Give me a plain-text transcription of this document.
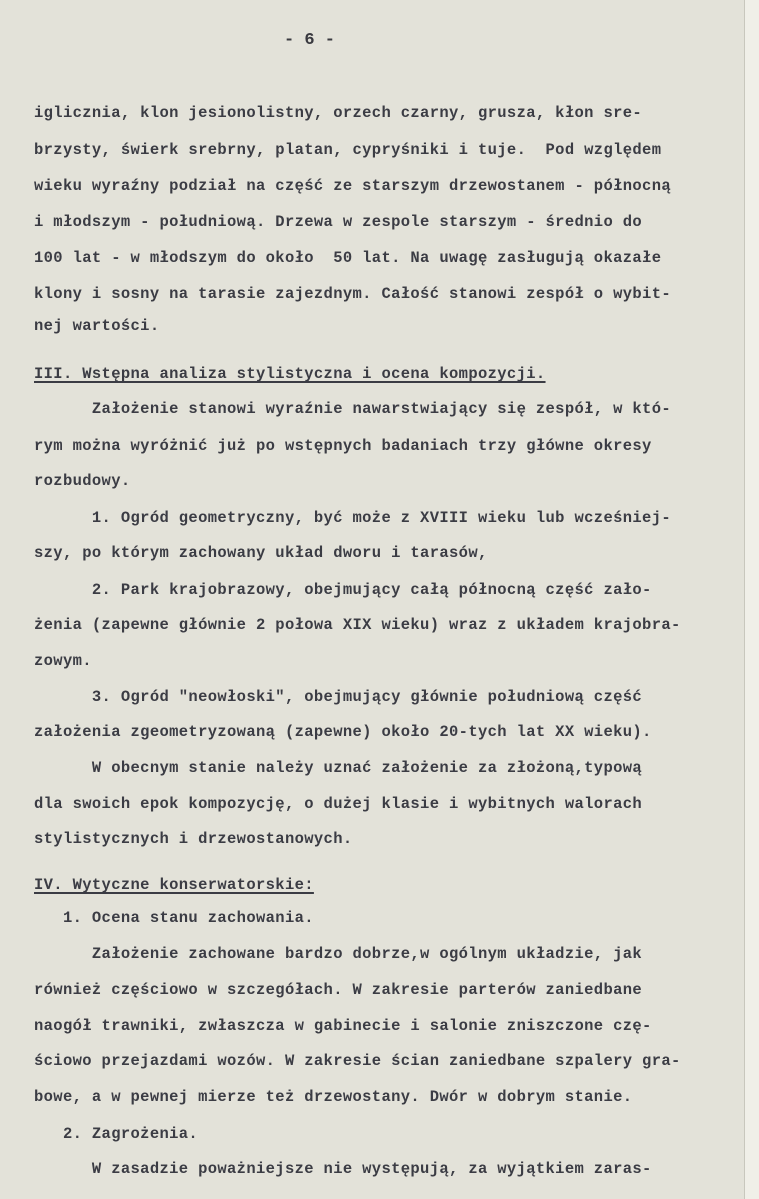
- 6 -
iglicznia, klon jesionolistny, orzech czarny, grusza, kłon sre-
brzysty, świerk srebrny, platan, cypryśniki i tuje.  Pod względem
wieku wyraźny podział na część ze starszym drzewostanem - północną
i młodszym - południową. Drzewa w zespole starszym - średnio do
100 lat - w młodszym do około  50 lat. Na uwagę zasługują okazałe
klony i sosny na tarasie zajezdnym. Całość stanowi zespół o wybit-
nej wartości.
III. Wstępna analiza stylistyczna i ocena kompozycji.
Założenie stanowi wyraźnie nawarstwiający się zespół, w któ-
rym można wyróżnić już po wstępnych badaniach trzy główne okresy
rozbudowy.
1. Ogród geometryczny, być może z XVIII wieku lub wcześniej-
szy, po którym zachowany układ dworu i tarasów,
2. Park krajobrazowy, obejmujący całą północną część zało-
żenia (zapewne głównie 2 połowa XIX wieku) wraz z układem krajobra-
zowym.
3. Ogród "neowłoski", obejmujący głównie południową część
założenia zgeometryzowaną (zapewne) około 20-tych lat XX wieku).
W obecnym stanie należy uznać założenie za złożoną,typową
dla swoich epok kompozycję, o dużej klasie i wybitnych walorach
stylistycznych i drzewostanowych.
IV. Wytyczne konserwatorskie:
1. Ocena stanu zachowania.
Założenie zachowane bardzo dobrze,w ogólnym układzie, jak
również częściowo w szczegółach. W zakresie parterów zaniedbane
naogół trawniki, zwłaszcza w gabinecie i salonie zniszczone czę-
ściowo przejazdami wozów. W zakresie ścian zaniedbane szpalery gra-
bowe, a w pewnej mierze też drzewostany. Dwór w dobrym stanie.
2. Zagrożenia.
W zasadzie poważniejsze nie występują, za wyjątkiem zaras-
